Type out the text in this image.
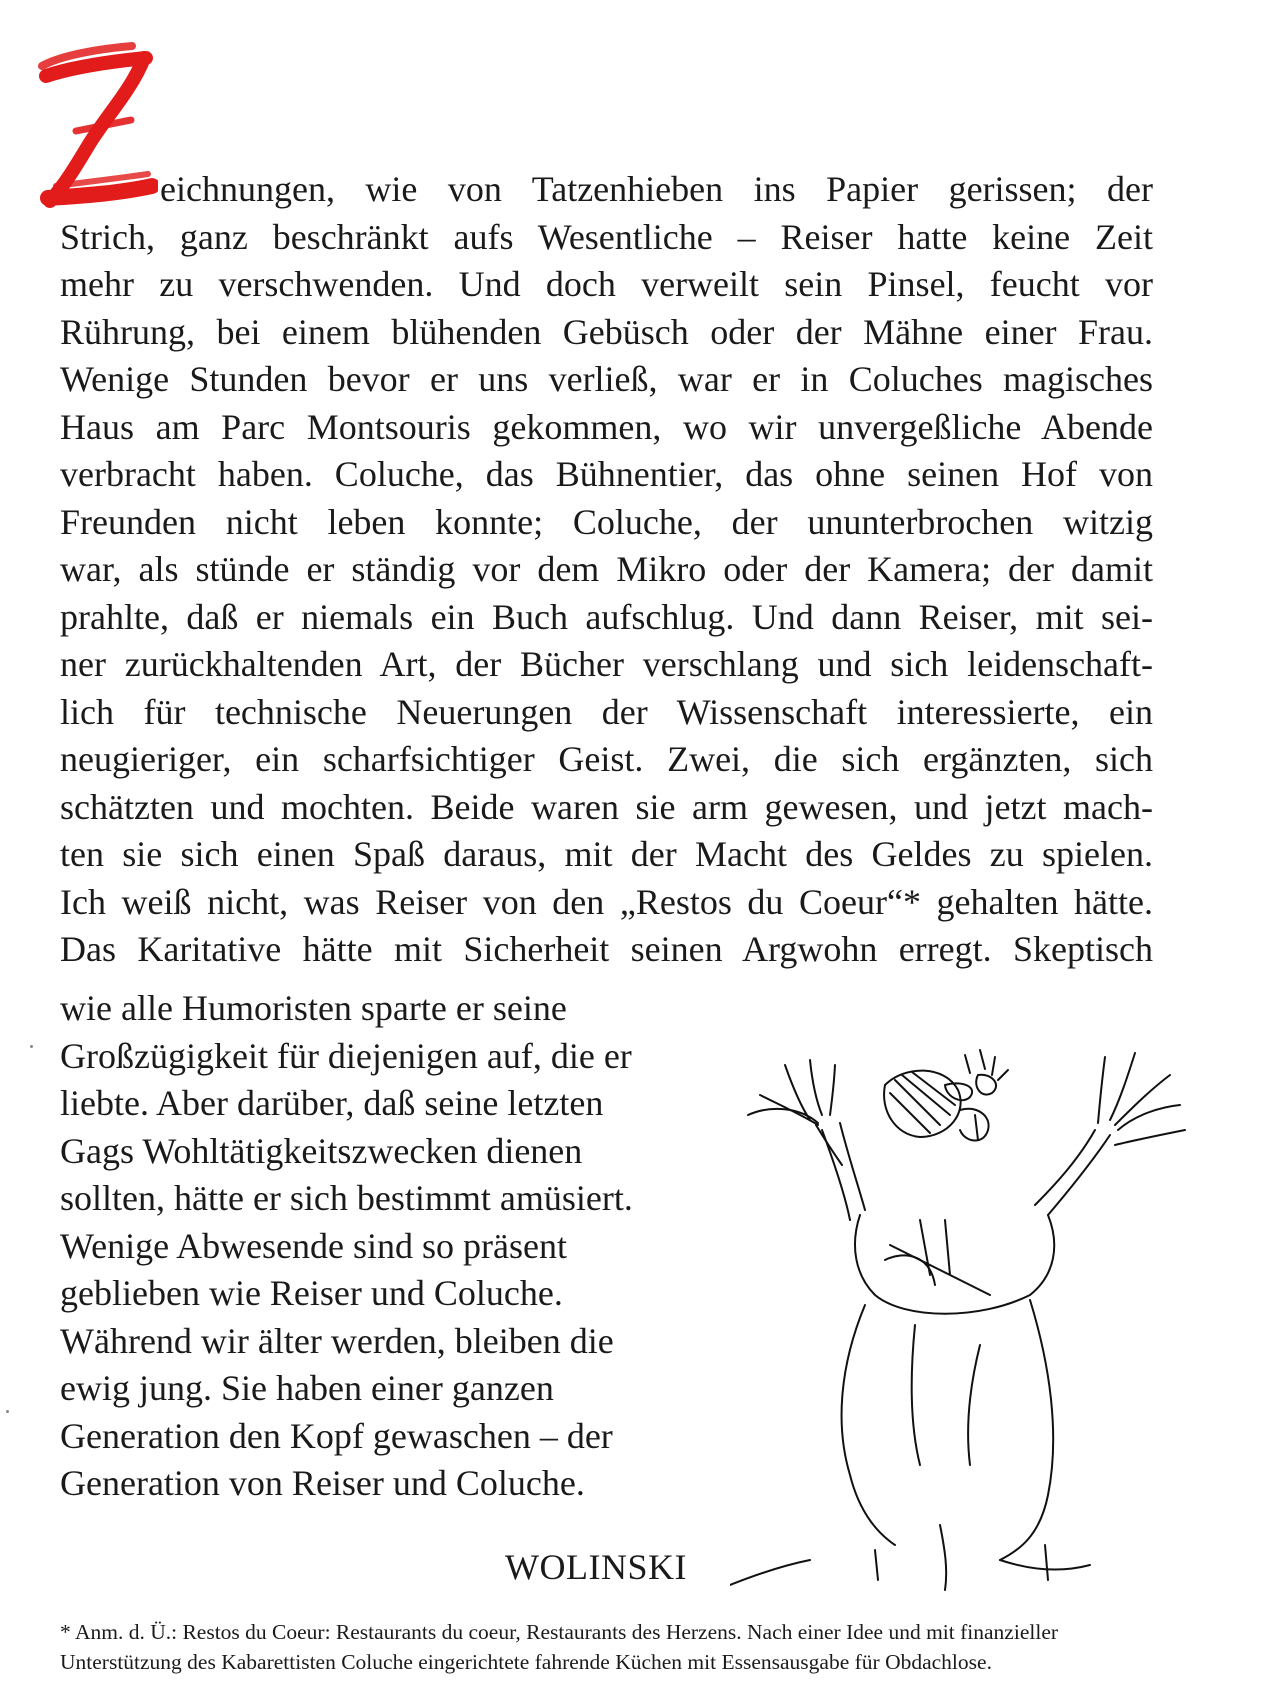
eichnungen, wie von Tatzenhieben ins Papier gerissen; der
Strich, ganz beschränkt aufs Wesentliche – Reiser hatte keine Zeit
mehr zu verschwenden. Und doch verweilt sein Pinsel, feucht vor
Rührung, bei einem blühenden Gebüsch oder der Mähne einer Frau.
Wenige Stunden bevor er uns verließ, war er in Coluches magisches
Haus am Parc Montsouris gekommen, wo wir unvergeßliche Abende
verbracht haben. Coluche, das Bühnentier, das ohne seinen Hof von
Freunden nicht leben konnte; Coluche, der ununterbrochen witzig
war, als stünde er ständig vor dem Mikro oder der Kamera; der damit
prahlte, daß er niemals ein Buch aufschlug. Und dann Reiser, mit sei-
ner zurückhaltenden Art, der Bücher verschlang und sich leidenschaft-
lich für technische Neuerungen der Wissenschaft interessierte, ein
neugieriger, ein scharfsichtiger Geist. Zwei, die sich ergänzten, sich
schätzten und mochten. Beide waren sie arm gewesen, und jetzt mach-
ten sie sich einen Spaß daraus, mit der Macht des Geldes zu spielen.
Ich weiß nicht, was Reiser von den „Restos du Coeur“* gehalten hätte.
Das Karitative hätte mit Sicherheit seinen Argwohn erregt. Skeptisch
wie alle Humoristen sparte er seine
Großzügigkeit für diejenigen auf, die er
liebte. Aber darüber, daß seine letzten
Gags Wohltätigkeitszwecken dienen
sollten, hätte er sich bestimmt amüsiert.
Wenige Abwesende sind so präsent
geblieben wie Reiser und Coluche.
Während wir älter werden, bleiben die
ewig jung. Sie haben einer ganzen
Generation den Kopf gewaschen – der
Generation von Reiser und Coluche.
WOLINSKI
* Anm. d. Ü.: Restos du Coeur: Restaurants du coeur, Restaurants des Herzens. Nach einer Idee und mit finanzieller
Unterstützung des Kabarettisten Coluche eingerichtete fahrende Küchen mit Essensausgabe für Obdachlose.
